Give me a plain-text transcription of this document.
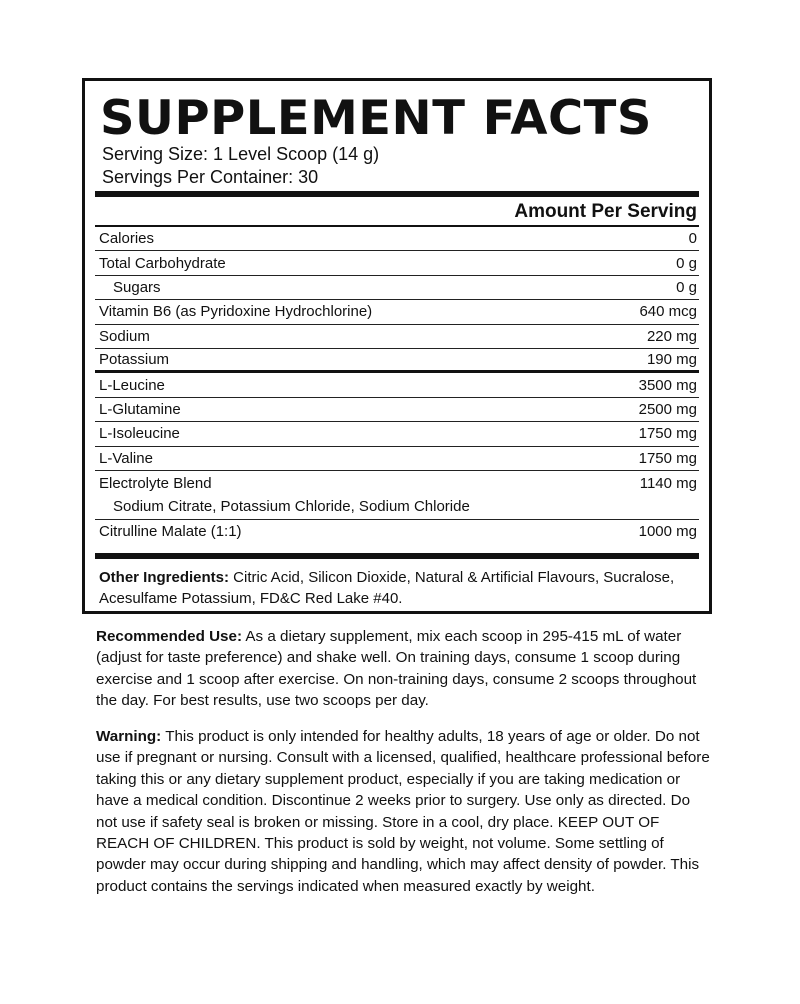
SUPPLEMENT FACTS
Serving Size: 1 Level Scoop (14 g)
Servings Per Container: 30
Amount Per Serving
Calories	0
Total Carbohydrate	0 g
Sugars	0 g
Vitamin B6 (as Pyridoxine Hydrochlorine)	640 mcg
Sodium	220 mg
Potassium	190 mg
L-Leucine	3500 mg
L-Glutamine	2500 mg
L-Isoleucine	1750 mg
L-Valine	1750 mg
Electrolyte Blend	1140 mg
Sodium Citrate, Potassium Chloride, Sodium Chloride
Citrulline Malate (1:1)	1000 mg
Other Ingredients: Citric Acid, Silicon Dioxide, Natural & Artificial Flavours, Sucralose, Acesulfame Potassium, FD&C Red Lake #40.
Recommended Use: As a dietary supplement, mix each scoop in 295-415 mL of water (adjust for taste preference) and shake well. On training days, consume 1 scoop during exercise and 1 scoop after exercise. On non-training days, consume 2 scoops throughout the day. For best results, use two scoops per day.
Warning: This product is only intended for healthy adults, 18 years of age or older. Do not use if pregnant or nursing. Consult with a licensed, qualified, healthcare professional before taking this or any dietary supplement product, especially if you are taking medication or have a medical condition. Discontinue 2 weeks prior to surgery. Use only as directed. Do not use if safety seal is broken or missing. Store in a cool, dry place. KEEP OUT OF REACH OF CHILDREN. This product is sold by weight, not volume. Some settling of powder may occur during shipping and handling, which may affect density of powder. This product contains the servings indicated when measured exactly by weight.
